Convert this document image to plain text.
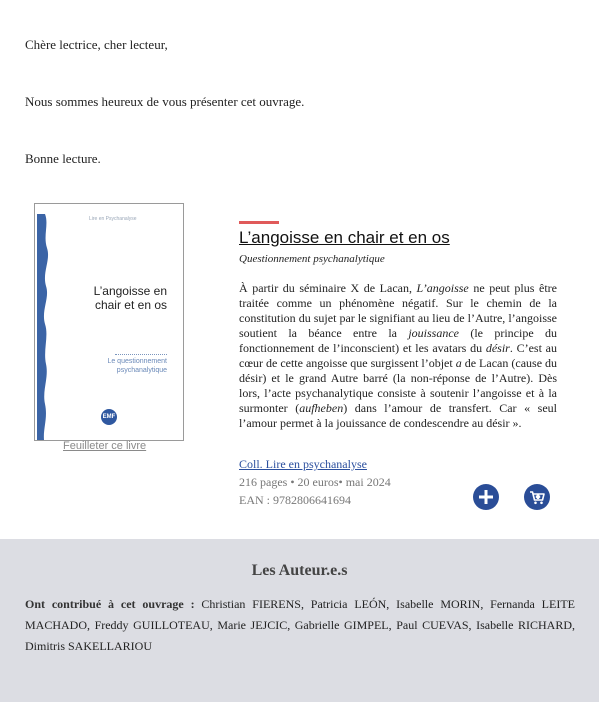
Chère lectrice, cher lecteur,

Nous sommes heureux de vous présenter cet ouvrage.

Bonne lecture.

Lire en Psychanalyse
L’angoisse en
chair et en os
Le questionnement
psychanalytique
EMF
Feuilleter ce livre
L’angoisse en chair et en os
Questionnement psychanalytique

À partir du séminaire X de Lacan, L’angoisse ne peut plus être traitée comme un phénomène négatif. Sur le chemin de la constitution du sujet par le signifiant au lieu de l’Autre, l’angoisse soutient la béance entre la jouissance (le principe du fonctionnement de l’inconscient) et les avatars du désir. C’est au cœur de cette angoisse que surgissent l’objet a de Lacan (cause du désir) et le grand Autre barré (la non-réponse de l’Autre). Dès lors, l’acte psychanalytique consiste à soutenir l’angoisse et à la surmonter (aufheben) dans l’amour de transfert. Car « seul l’amour permet à la jouissance de condescendre au désir ».

Coll. Lire en psychanalyse
216 pages • 20 euros• mai 2024
EAN : 9782806641694
Les Auteur.e.s

Ont contribué à cet ouvrage : Christian FIERENS, Patricia LEÓN, Isabelle MORIN, Fernanda LEITE MACHADO, Freddy GUILLOTEAU, Marie JEJCIC, Gabrielle GIMPEL, Paul CUEVAS, Isabelle RICHARD, Dimitris SAKELLARIOU
